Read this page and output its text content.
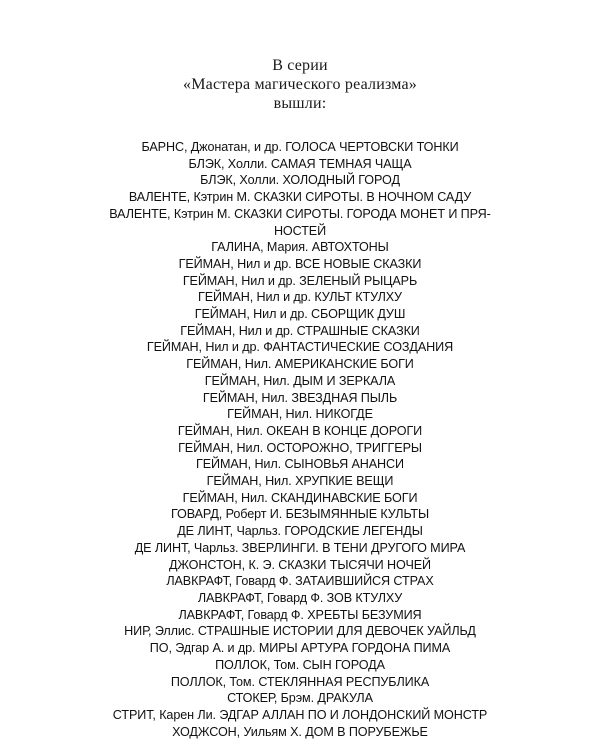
В серии
«Мастера магического реализма»
вышли:
БАРНС, Джонатан, и др. ГОЛОСА ЧЕРТОВСКИ ТОНКИ
БЛЭК, Холли. САМАЯ ТЕМНАЯ ЧАЩА
БЛЭК, Холли. ХОЛОДНЫЙ ГОРОД
ВАЛЕНТЕ, Кэтрин М. СКАЗКИ СИРОТЫ. В НОЧНОМ САДУ
ВАЛЕНТЕ, Кэтрин М. СКАЗКИ СИРОТЫ. ГОРОДА МОНЕТ И ПРЯ-
НОСТЕЙ
ГАЛИНА, Мария. АВТОХТОНЫ
ГЕЙМАН, Нил и др. ВСЕ НОВЫЕ СКАЗКИ
ГЕЙМАН, Нил и др. ЗЕЛЕНЫЙ РЫЦАРЬ
ГЕЙМАН, Нил и др. КУЛЬТ КТУЛХУ
ГЕЙМАН, Нил и др. СБОРЩИК ДУШ
ГЕЙМАН, Нил и др. СТРАШНЫЕ СКАЗКИ
ГЕЙМАН, Нил и др. ФАНТАСТИЧЕСКИЕ СОЗДАНИЯ
ГЕЙМАН, Нил. АМЕРИКАНСКИЕ БОГИ
ГЕЙМАН, Нил. ДЫМ И ЗЕРКАЛА
ГЕЙМАН, Нил. ЗВЕЗДНАЯ ПЫЛЬ
ГЕЙМАН, Нил. НИКОГДЕ
ГЕЙМАН, Нил. ОКЕАН В КОНЦЕ ДОРОГИ
ГЕЙМАН, Нил. ОСТОРОЖНО, ТРИГГЕРЫ
ГЕЙМАН, Нил. СЫНОВЬЯ АНАНСИ
ГЕЙМАН, Нил. ХРУПКИЕ ВЕЩИ
ГЕЙМАН, Нил. СКАНДИНАВСКИЕ БОГИ
ГОВАРД, Роберт И. БЕЗЫМЯННЫЕ КУЛЬТЫ
ДЕ ЛИНТ, Чарльз. ГОРОДСКИЕ ЛЕГЕНДЫ
ДЕ ЛИНТ, Чарльз. ЗВЕРЛИНГИ. В ТЕНИ ДРУГОГО МИРА
ДЖОНСТОН, К. Э. СКАЗКИ ТЫСЯЧИ НОЧЕЙ
ЛАВКРАФТ, Говард Ф. ЗАТАИВШИЙСЯ СТРАХ
ЛАВКРАФТ, Говард Ф. ЗОВ КТУЛХУ
ЛАВКРАФТ, Говард Ф. ХРЕБТЫ БЕЗУМИЯ
НИР, Эллис. СТРАШНЫЕ ИСТОРИИ ДЛЯ ДЕВОЧЕК УАЙЛЬД
ПО, Эдгар А. и др. МИРЫ АРТУРА ГОРДОНА ПИМА
ПОЛЛОК, Том. СЫН ГОРОДА
ПОЛЛОК, Том. СТЕКЛЯННАЯ РЕСПУБЛИКА
СТОКЕР, Брэм. ДРАКУЛА
СТРИТ, Карен Ли. ЭДГАР АЛЛАН ПО И ЛОНДОНСКИЙ МОНСТР
ХОДЖСОН, Уильям Х. ДОМ В ПОРУБЕЖЬЕ
